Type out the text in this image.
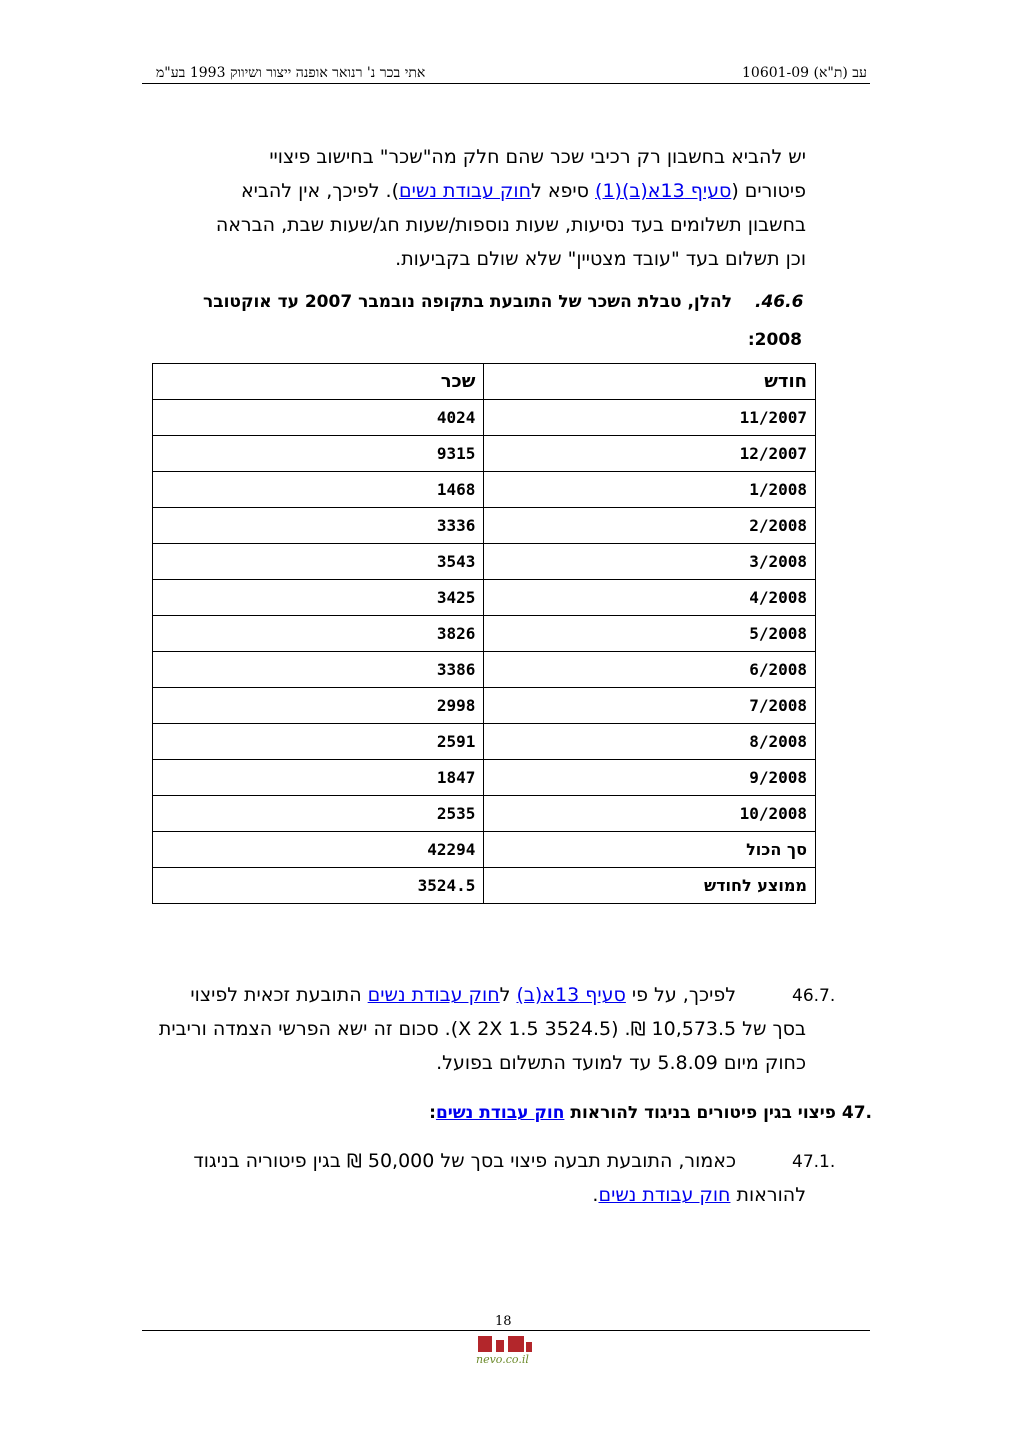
עב (ת"א) 10601-09
אתי בכר נ' רנואר אופנה ייצור ושיווק 1993 בע"מ
יש להביא בחשבון רק רכיבי שכר שהם חלק מה"שכר" בחישוב פיצויי
פיטורים (סעיף 13א(ב)(1) סיפא לחוק עבודת נשים). לפיכך, אין להביא
בחשבון תשלומים בעד נסיעות, שעות נוספות/שעות חג/שעות שבת, הבראה
וכן תשלום בעד "עובד מצטיין" שלא שולם בקביעות.
.46.6
להלן, טבלת השכר של התובעת בתקופה נובמבר 2007 עד אוקטובר
:2008
חודש	שכר
11/2007	4024
12/2007	9315
1/2008	1468
2/2008	3336
3/2008	3543
4/2008	3425
5/2008	3826
6/2008	3386
7/2008	2998
8/2008	2591
9/2008	1847
10/2008	2535
סך הכול	42294
ממוצע לחודש	3524.5
46.7.
לפיכך, על פי סעיף 13א(ב) לחוק עבודת נשים התובעת זכאית לפיצוי
בסך של 10,573.5 ₪. (3524.5 X 2X 1.5). סכום זה ישא הפרשי הצמדה וריבית
כחוק מיום 5.8.09 עד למועד התשלום בפועל.
.47 פיצוי בגין פיטורים בניגוד להוראות חוק עבודת נשים:
47.1.
כאמור, התובעת תבעה פיצוי בסך של 50,000 ₪ בגין פיטוריה בניגוד
להוראות חוק עבודת נשים.
18
nevo.co.il
